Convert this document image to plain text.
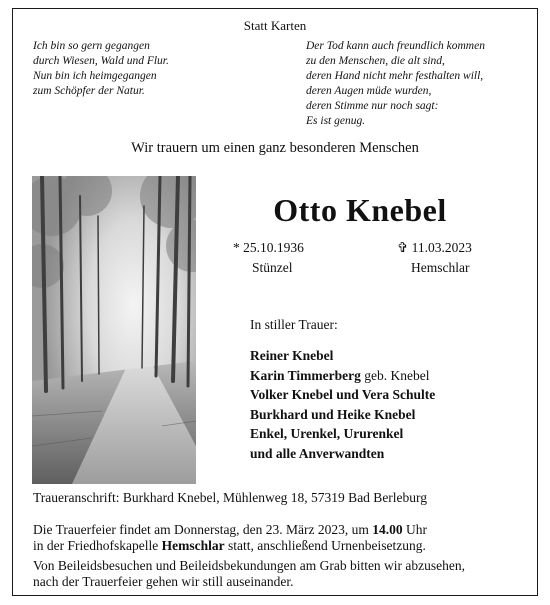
Statt Karten
Ich bin so gern gegangen
durch Wiesen, Wald und Flur.
Nun bin ich heimgegangen
zum Schöpfer der Natur.
Der Tod kann auch freundlich kommen
zu den Menschen, die alt sind,
deren Hand nicht mehr festhalten will,
deren Augen müde wurden,
deren Stimme nur noch sagt:
Es ist genug.
Wir trauern um einen ganz besonderen Menschen
Otto Knebel
* 25.10.1936
Stünzel
✞ 11.03.2023
Hemschlar
In stiller Trauer:
Reiner Knebel
Karin Timmerberg geb. Knebel
Volker Knebel und Vera Schulte
Burkhard und Heike Knebel
Enkel, Urenkel, Ururenkel
und alle Anverwandten
Traueranschrift: Burkhard Knebel, Mühlenweg 18, 57319 Bad Berleburg
Die Trauerfeier findet am Donnerstag, den 23. März 2023, um 14.00 Uhr
in der Friedhofskapelle Hemschlar statt, anschließend Urnenbeisetzung.
Von Beileidsbesuchen und Beileidsbekundungen am Grab bitten wir abzusehen,
nach der Trauerfeier gehen wir still auseinander.
